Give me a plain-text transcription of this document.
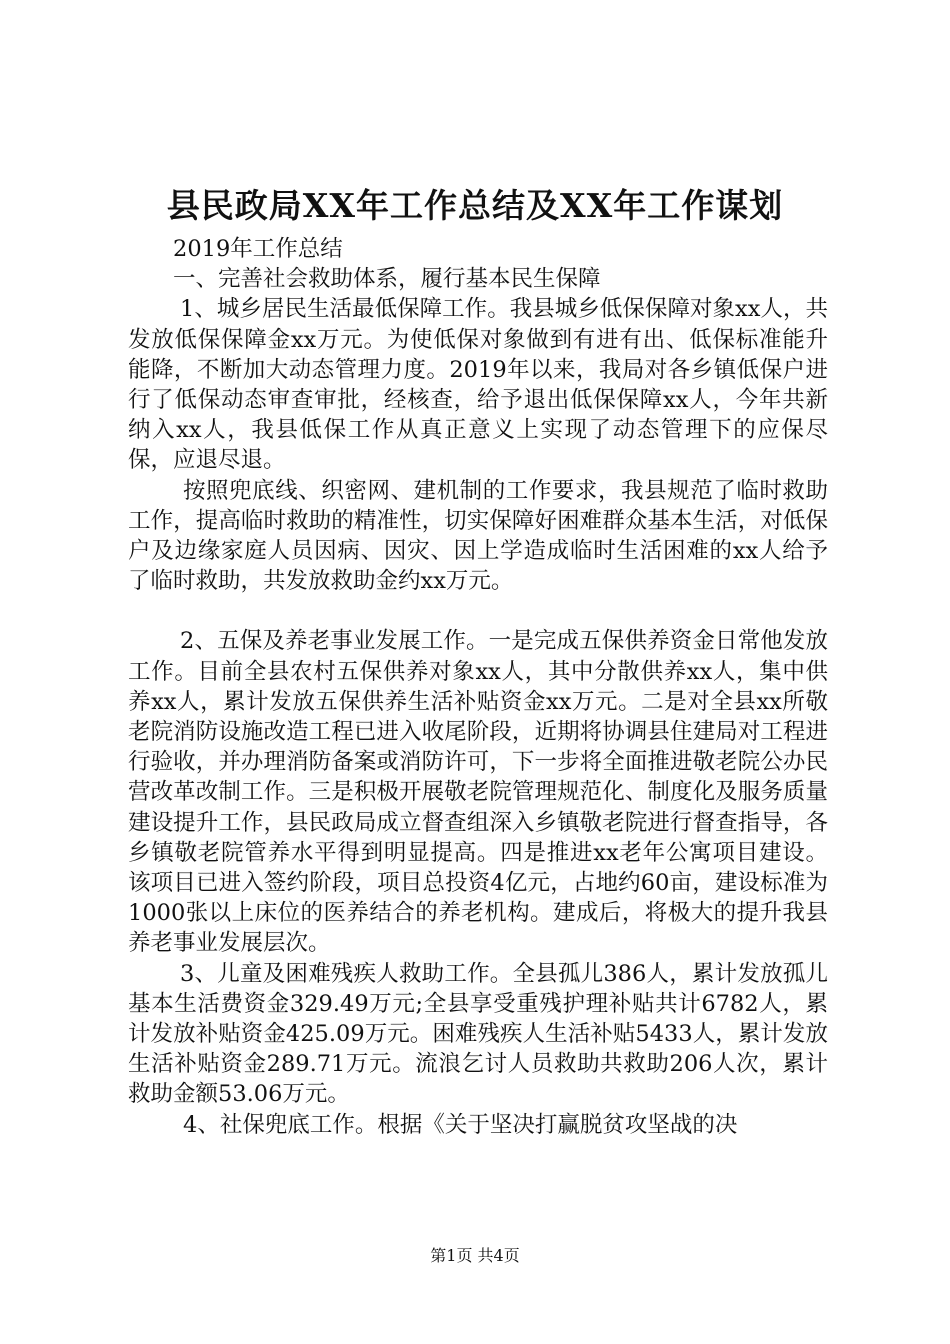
县民政局XX年工作总结及XX年工作谋划

2019年工作总结

一、完善社会救助体系，履行基本民生保障

1、城乡居民生活最低保障工作。我县城乡低保保障对象xx人，共发放低保保障金xx万元。为使低保对象做到有进有出、低保标准能升能降，不断加大动态管理力度。2019年以来，我局对各乡镇低保户进行了低保动态审查审批，经核查，给予退出低保保障xx人，今年共新纳入xx人，我县低保工作从真正意义上实现了动态管理下的应保尽保，应退尽退。

按照兜底线、织密网、建机制的工作要求，我县规范了临时救助工作，提高临时救助的精准性，切实保障好困难群众基本生活，对低保户及边缘家庭人员因病、因灾、因上学造成临时生活困难的xx人给予了临时救助，共发放救助金约xx万元。

2、五保及养老事业发展工作。一是完成五保供养资金日常他发放工作。目前全县农村五保供养对象xx人，其中分散供养xx人，集中供养xx人，累计发放五保供养生活补贴资金xx万元。二是对全县xx所敬老院消防设施改造工程已进入收尾阶段，近期将协调县住建局对工程进行验收，并办理消防备案或消防许可，下一步将全面推进敬老院公办民营改革改制工作。三是积极开展敬老院管理规范化、制度化及服务质量建设提升工作，县民政局成立督查组深入乡镇敬老院进行督查指导，各乡镇敬老院管养水平得到明显提高。四是推进xx老年公寓项目建设。该项目已进入签约阶段，项目总投资4亿元，占地约60亩，建设标准为1000张以上床位的医养结合的养老机构。建成后，将极大的提升我县养老事业发展层次。

3、儿童及困难残疾人救助工作。全县孤儿386人，累计发放孤儿基本生活费资金329.49万元;全县享受重残护理补贴共计6782人，累计发放补贴资金425.09万元。困难残疾人生活补贴5433人，累计发放生活补贴资金289.71万元。流浪乞讨人员救助共救助206人次，累计救助金额53.06万元。

4、社保兜底工作。根据《关于坚决打赢脱贫攻坚战的决

第1页 共4页
